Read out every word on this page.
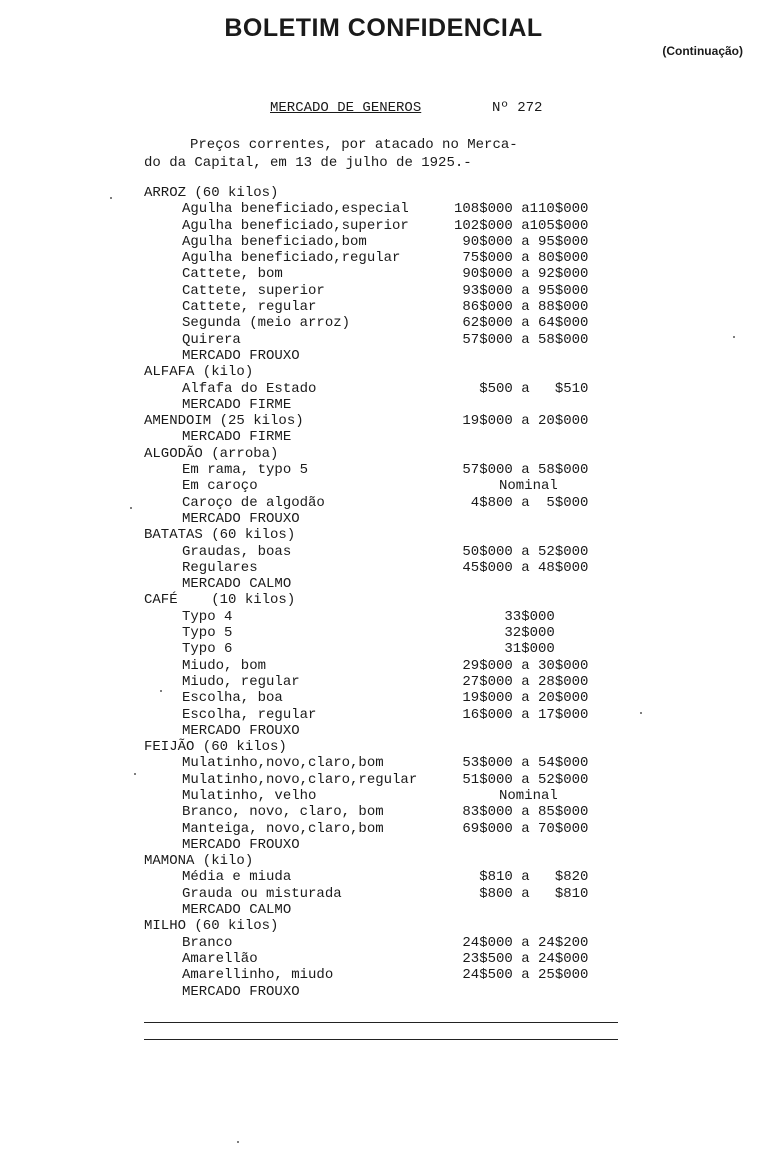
BOLETIM CONFIDENCIAL
(Continuação)
MERCADO DE GENEROS	Nº 272
Preços correntes, por atacado no Merca-
do da Capital, em 13 de julho de 1925.-
ARROZ (60 kilos)
Agulha beneficiado,especial	108$000 a110$000
Agulha beneficiado,superior	102$000 a105$000
Agulha beneficiado,bom	90$000 a 95$000
Agulha beneficiado,regular	75$000 a 80$000
Cattete, bom	90$000 a 92$000
Cattete, superior	93$000 a 95$000
Cattete, regular	86$000 a 88$000
Segunda (meio arroz)	62$000 a 64$000
Quirera	57$000 a 58$000
MERCADO FROUXO
ALFAFA (kilo)
Alfafa do Estado	$500 a   $510
MERCADO FIRME
AMENDOIM (25 kilos)	19$000 a 20$000
MERCADO FIRME
ALGODÃO (arroba)
Em rama, typo 5	57$000 a 58$000
Em caroço	Nominal
Caroço de algodão	4$800 a  5$000
MERCADO FROUXO
BATATAS (60 kilos)
Graudas, boas	50$000 a 52$000
Regulares	45$000 a 48$000
MERCADO CALMO
CAFÉ    (10 kilos)
Typo 4	33$000
Typo 5	32$000
Typo 6	31$000
Miudo, bom	29$000 a 30$000
Miudo, regular	27$000 a 28$000
Escolha, boa	19$000 a 20$000
Escolha, regular	16$000 a 17$000
MERCADO FROUXO
FEIJÃO (60 kilos)
Mulatinho,novo,claro,bom	53$000 a 54$000
Mulatinho,novo,claro,regular	51$000 a 52$000
Mulatinho, velho	Nominal
Branco, novo, claro, bom	83$000 a 85$000
Manteiga, novo,claro,bom	69$000 a 70$000
MERCADO FROUXO
MAMONA (kilo)
Média e miuda	$810 a   $820
Grauda ou misturada	$800 a   $810
MERCADO CALMO
MILHO (60 kilos)
Branco	24$000 a 24$200
Amarellão	23$500 a 24$000
Amarellinho, miudo	24$500 a 25$000
MERCADO FROUXO
